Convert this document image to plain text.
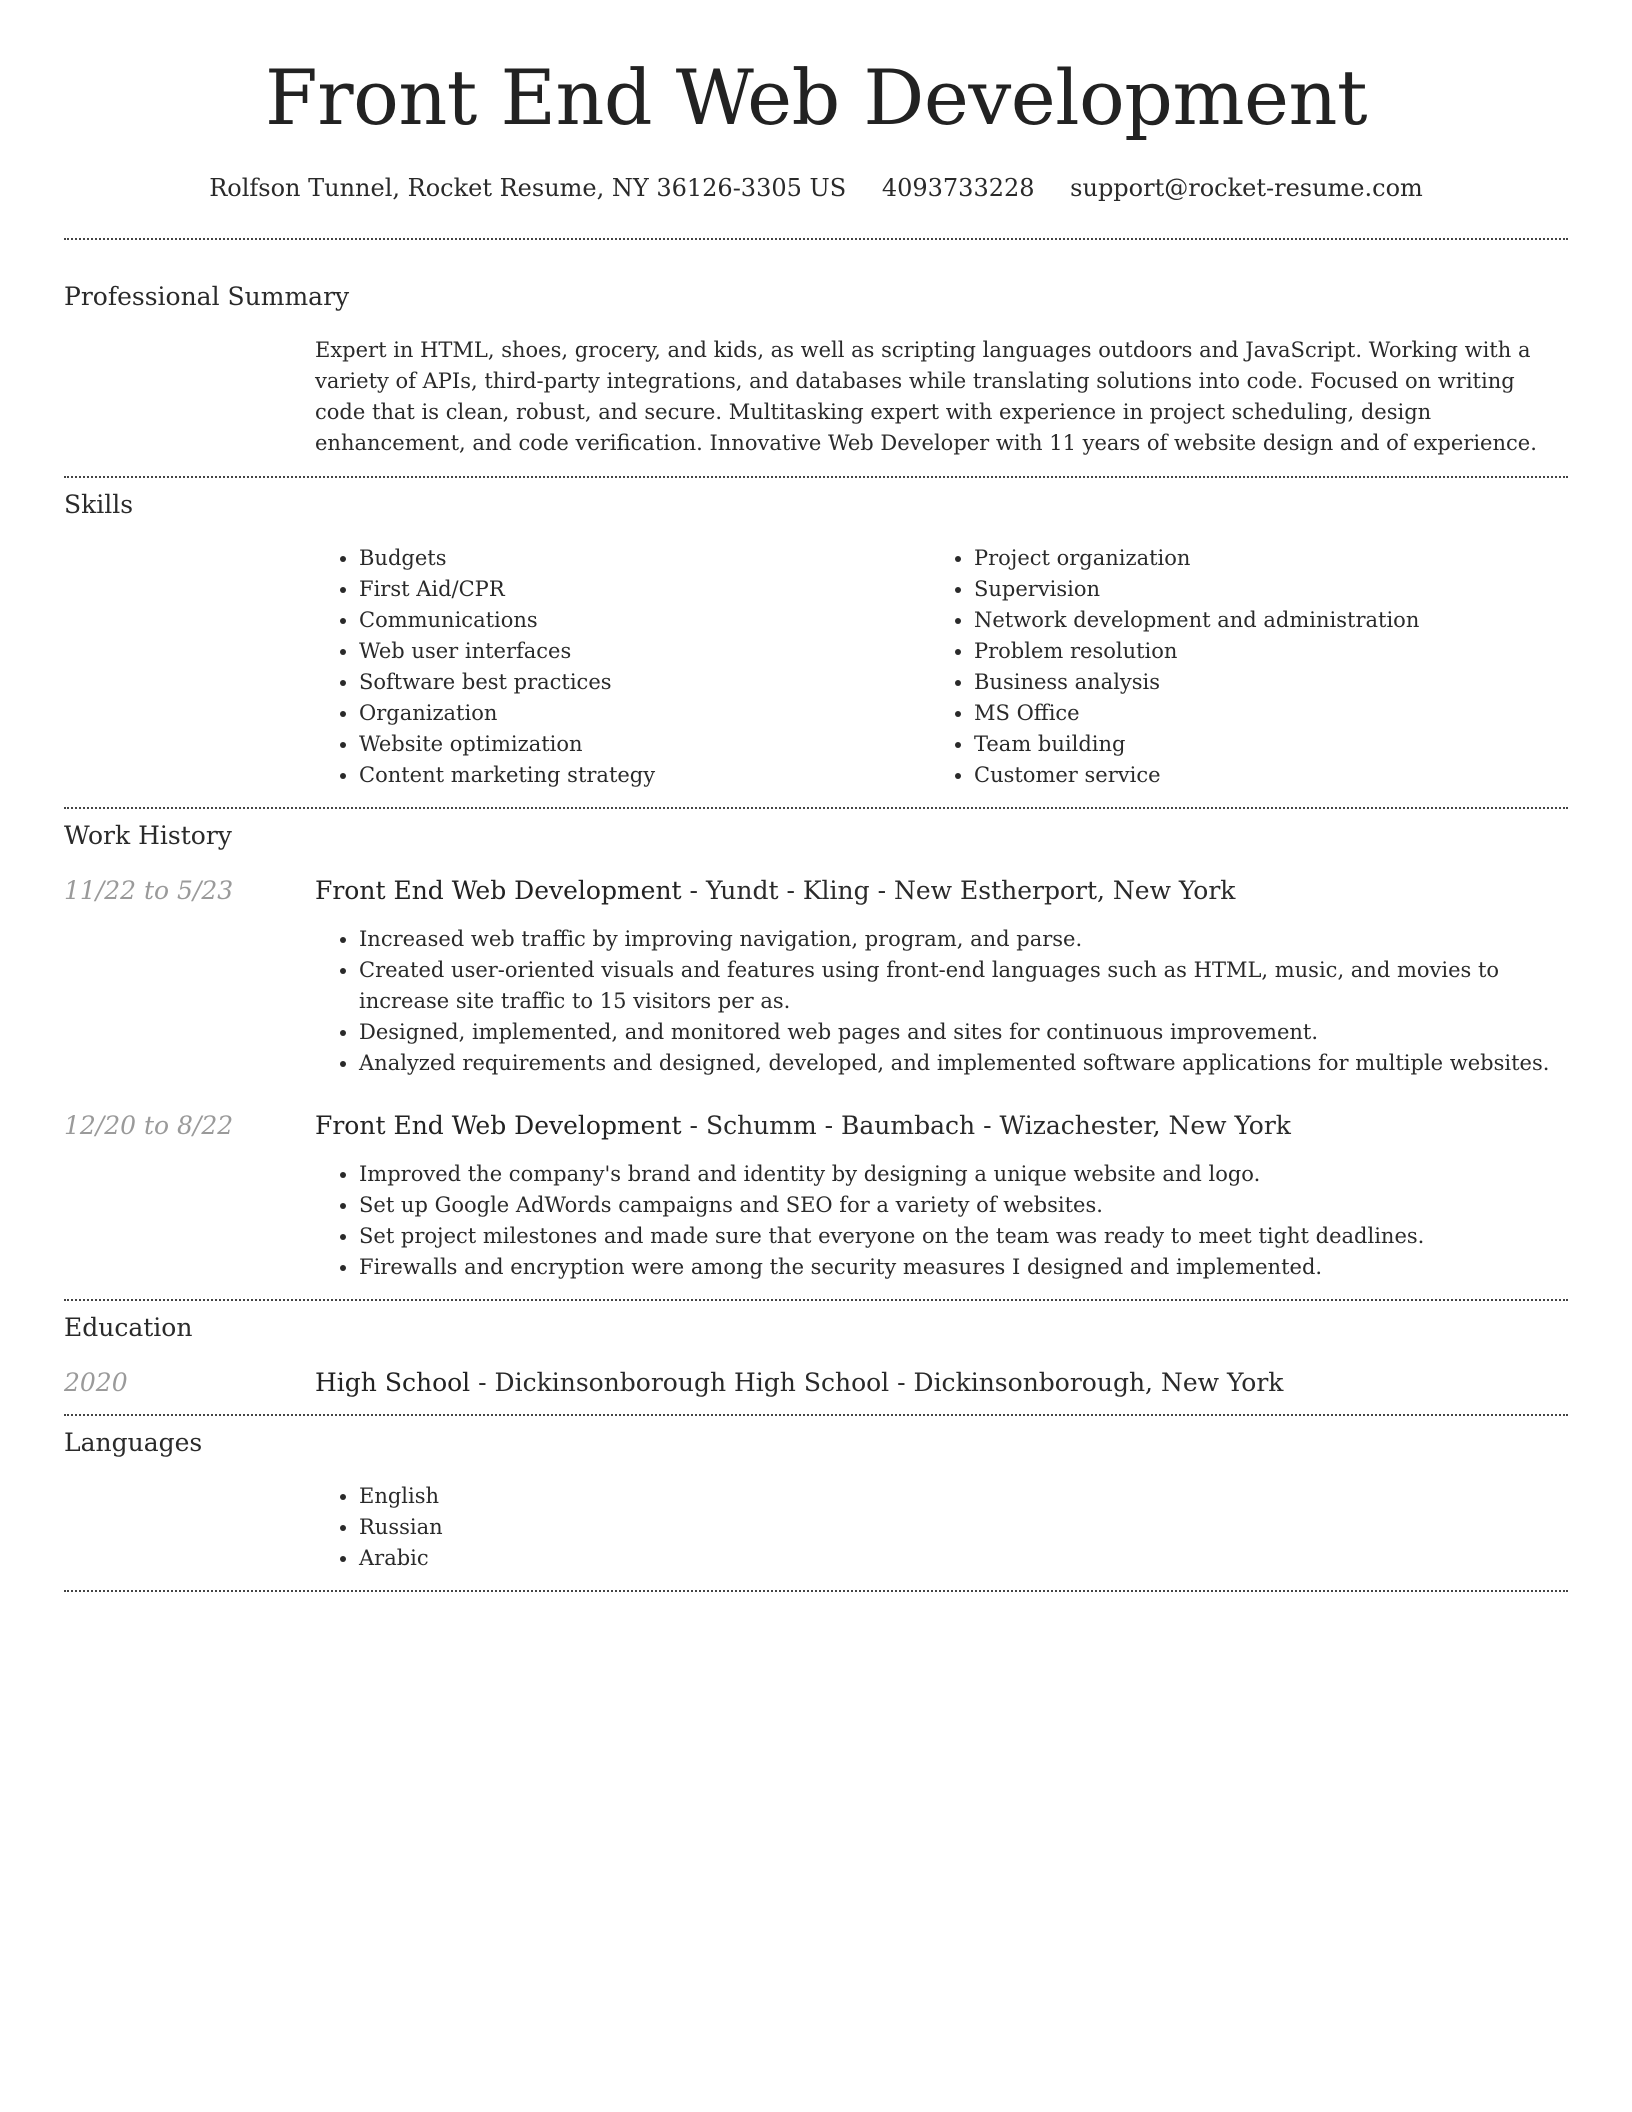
Front End Web Development
Rolfson Tunnel, Rocket Resume, NY 36126-3305 US 4093733228 support@rocket-resume.com
Professional Summary
Expert in HTML, shoes, grocery, and kids, as well as scripting languages outdoors and JavaScript. Working with a variety of APIs, third-party integrations, and databases while translating solutions into code. Focused on writing code that is clean, robust, and secure. Multitasking expert with experience in project scheduling, design enhancement, and code verification. Innovative Web Developer with 11 years of website design and of experience.
Skills
• Budgets
• First Aid/CPR
• Communications
• Web user interfaces
• Software best practices
• Organization
• Website optimization
• Content marketing strategy
• Project organization
• Supervision
• Network development and administration
• Problem resolution
• Business analysis
• MS Office
• Team building
• Customer service
Work History
11/22 to 5/23	Front End Web Development - Yundt - Kling - New Estherport, New York
• Increased web traffic by improving navigation, program, and parse.
• Created user-oriented visuals and features using front-end languages such as HTML, music, and movies to increase site traffic to 15 visitors per as.
• Designed, implemented, and monitored web pages and sites for continuous improvement.
• Analyzed requirements and designed, developed, and implemented software applications for multiple websites.
12/20 to 8/22	Front End Web Development - Schumm - Baumbach - Wizachester, New York
• Improved the company's brand and identity by designing a unique website and logo.
• Set up Google AdWords campaigns and SEO for a variety of websites.
• Set project milestones and made sure that everyone on the team was ready to meet tight deadlines.
• Firewalls and encryption were among the security measures I designed and implemented.
Education
2020	High School - Dickinsonborough High School - Dickinsonborough, New York
Languages
• English
• Russian
• Arabic
